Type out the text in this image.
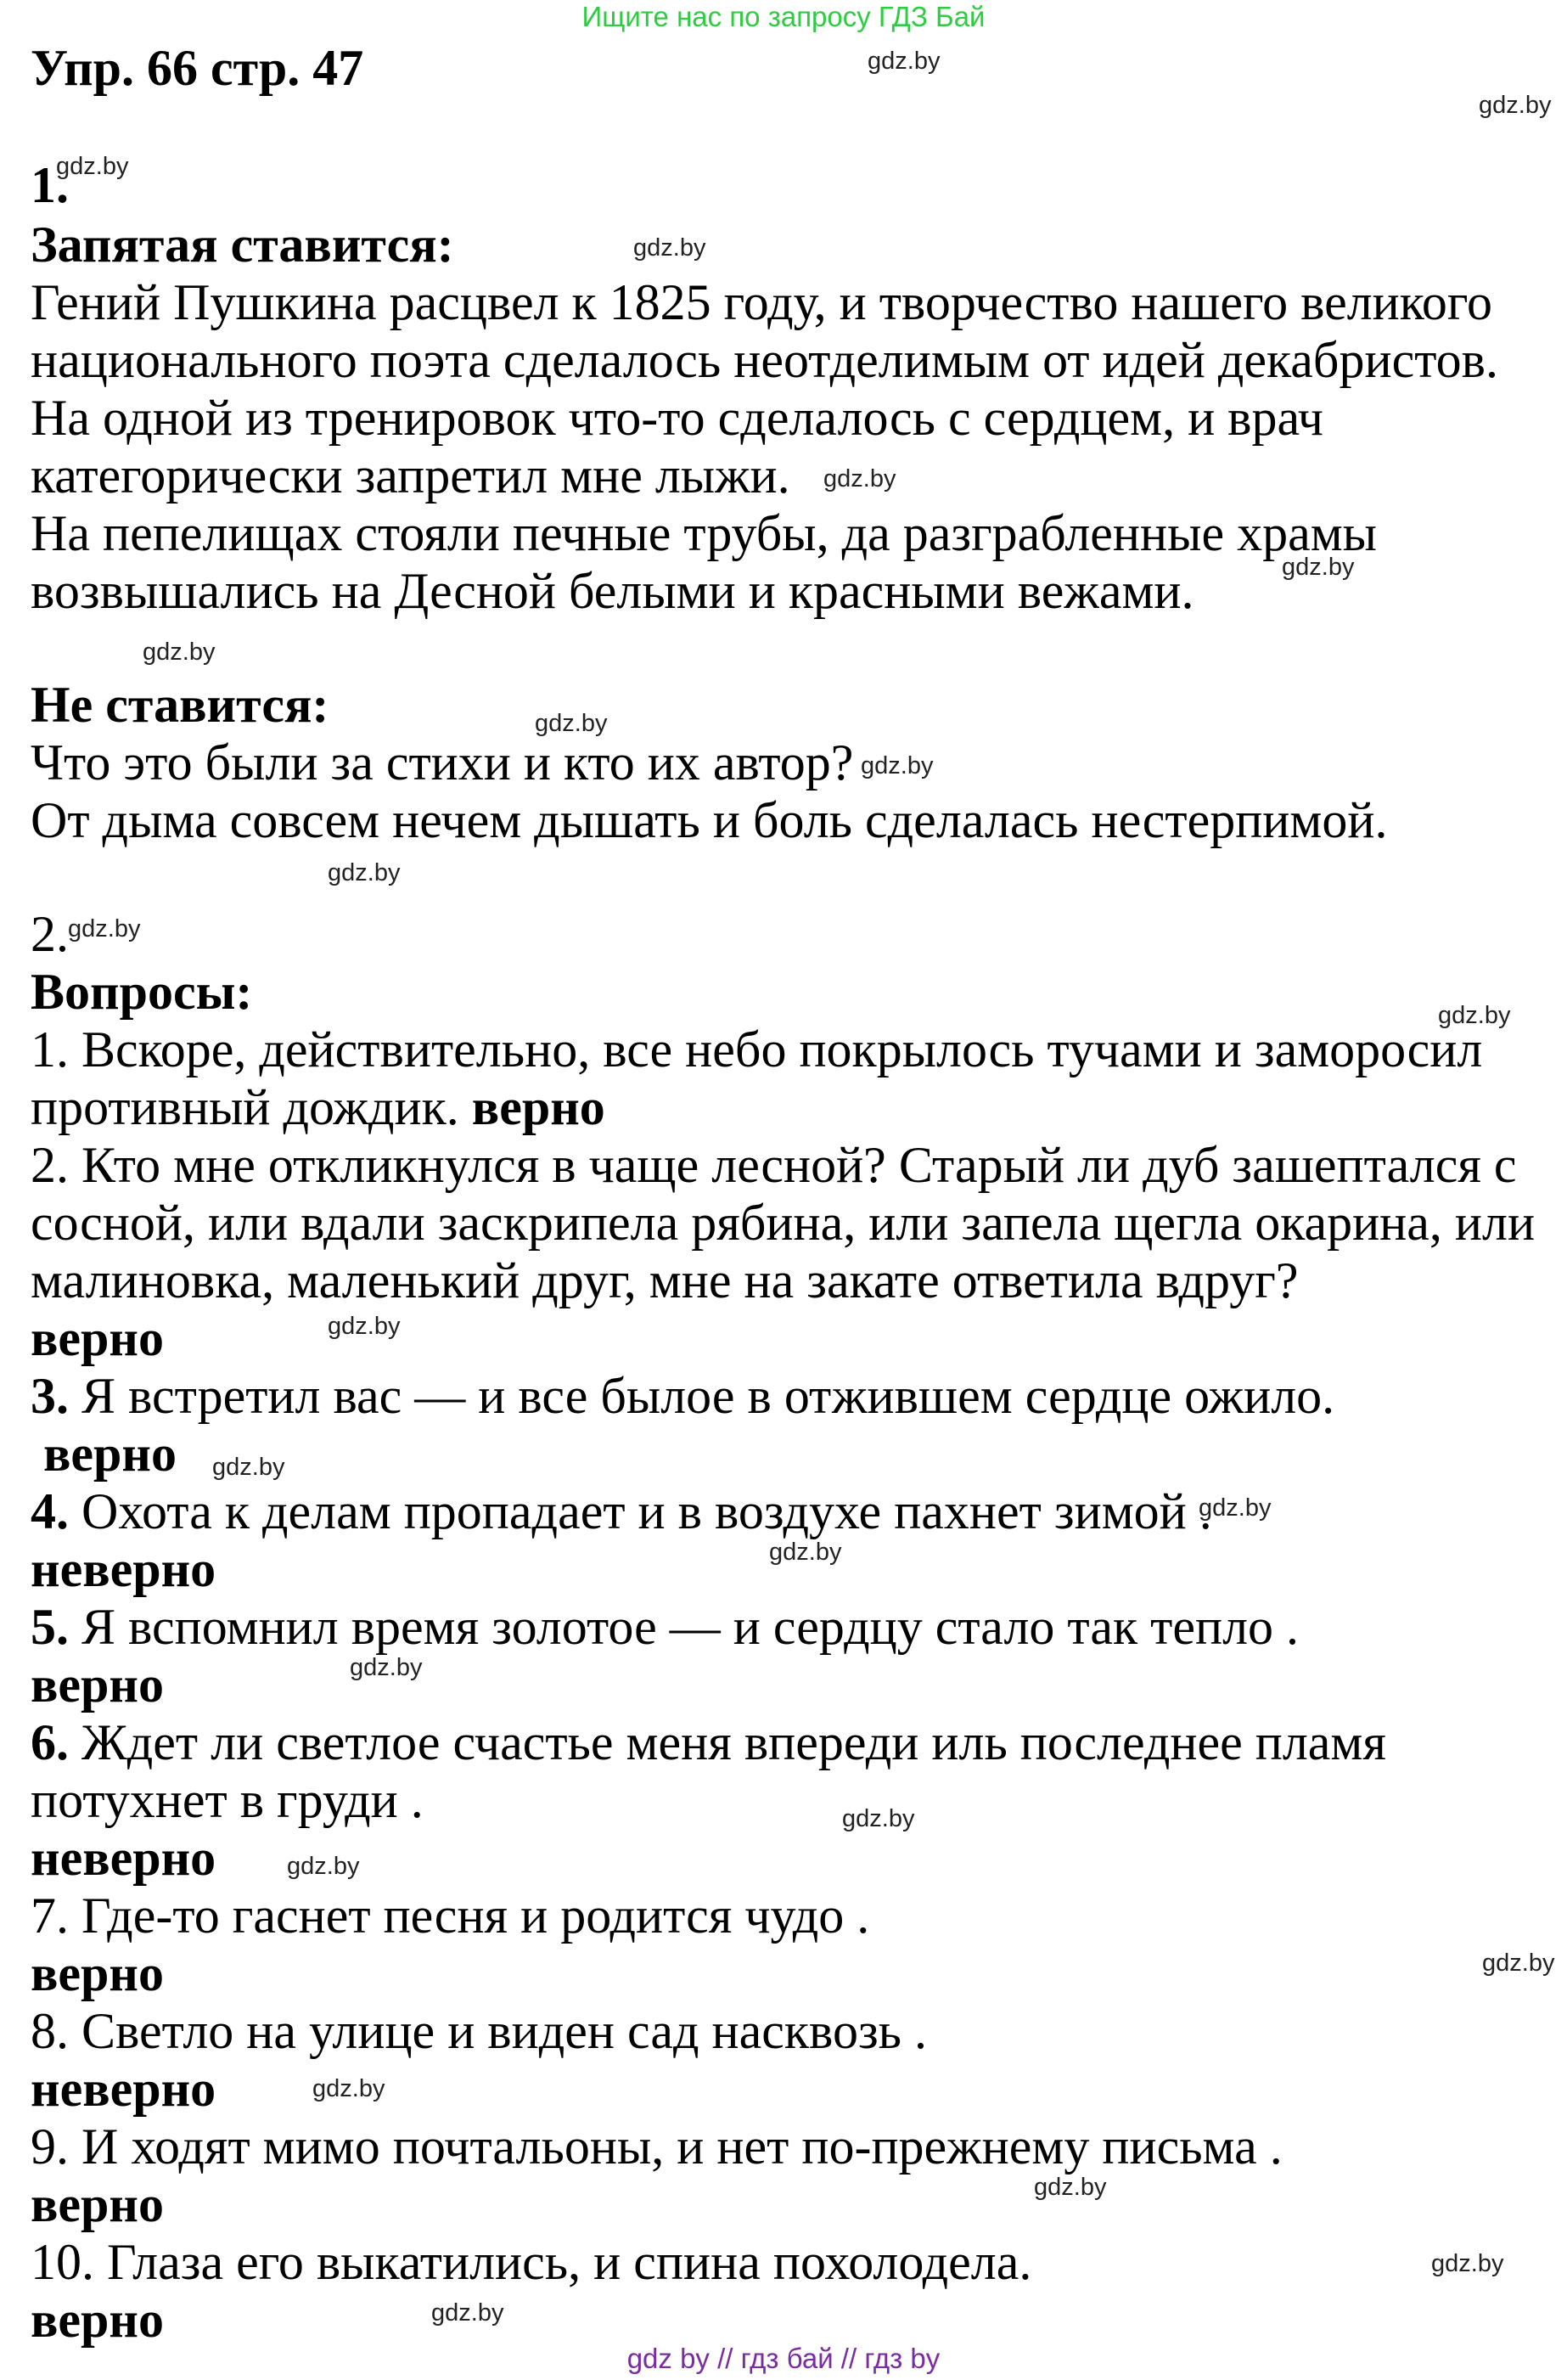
Ищите нас по запросу ГДЗ Бай
Упр. 66 стр. 47
1.
Запятая ставится:
Гений Пушкина расцвел к 1825 году, и творчество нашего великого
национального поэта сделалось неотделимым от идей декабристов.
На одной из тренировок что-то сделалось с сердцем, и врач
категорически запретил мне лыжи.
На пепелищах стояли печные трубы, да разграбленные храмы
возвышались на Десной белыми и красными вежами.
Не ставится:
Что это были за стихи и кто их автор?
От дыма совсем нечем дышать и боль сделалась нестерпимой.
2.
Вопросы:
1. Вскоре, действительно, все небо покрылось тучами и заморосил
противный дождик. верно
2. Кто мне откликнулся в чаще лесной? Старый ли дуб зашептался с
сосной, или вдали заскрипела рябина, или запела щегла окарина, или
малиновка, маленький друг, мне на закате ответила вдруг?
верно
3. Я встретил вас — и все былое в отжившем сердце ожило.
верно
4. Охота к делам пропадает и в воздухе пахнет зимой .
неверно
5. Я вспомнил время золотое — и сердцу стало так тепло .
верно
6. Ждет ли светлое счастье меня впереди иль последнее пламя
потухнет в груди .
неверно
7. Где-то гаснет песня и родится чудо .
верно
8. Светло на улице и виден сад насквозь .
неверно
9. И ходят мимо почтальоны, и нет по-прежнему письма .
верно
10. Глаза его выкатились, и спина похолодела.
верно
gdz.by
gdz.by
gdz.by
gdz.by
gdz.by
gdz.by
gdz.by
gdz.by
gdz.by
gdz.by
gdz.by
gdz.by
gdz.by
gdz.by
gdz.by
gdz.by
gdz.by
gdz.by
gdz.by
gdz.by
gdz.by
gdz.by
gdz.by
gdz.by
gdz by // гдз бай // гдз by
